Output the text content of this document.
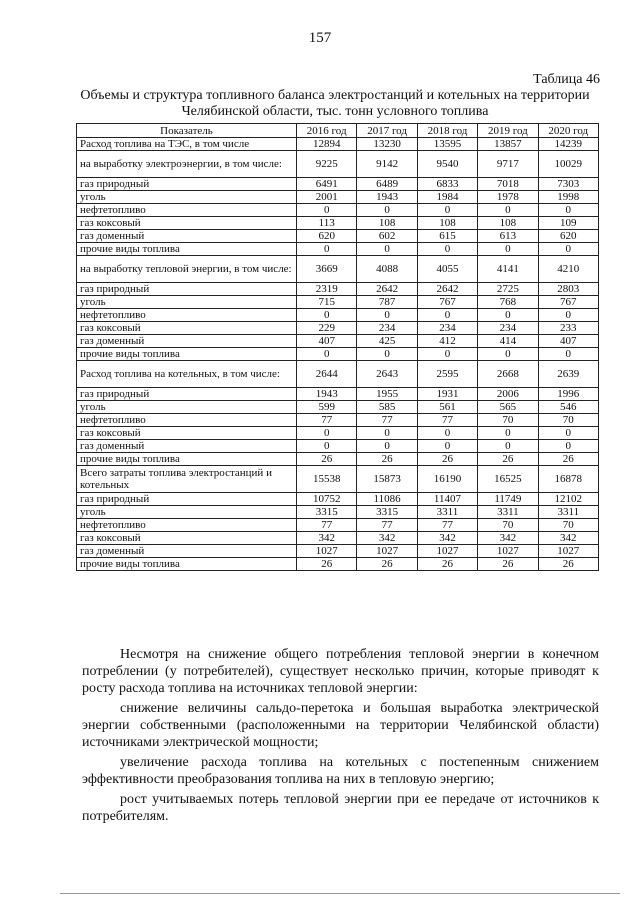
157
Таблица 46
Объемы и структура топливного баланса электростанций и котельных на территории Челябинской области, тыс. тонн условного топлива
Показатель	2016 год	2017 год	2018 год	2019 год	2020 год
Расход топлива на ТЭС, в том числе	12894	13230	13595	13857	14239
на выработку электроэнергии, в том числе:	9225	9142	9540	9717	10029
газ природный	6491	6489	6833	7018	7303
уголь	2001	1943	1984	1978	1998
нефтетопливо	0	0	0	0	0
газ коксовый	113	108	108	108	109
газ доменный	620	602	615	613	620
прочие виды топлива	0	0	0	0	0
на выработку тепловой энергии, в том числе:	3669	4088	4055	4141	4210
газ природный	2319	2642	2642	2725	2803
уголь	715	787	767	768	767
нефтетопливо	0	0	0	0	0
газ коксовый	229	234	234	234	233
газ доменный	407	425	412	414	407
прочие виды топлива	0	0	0	0	0
Расход топлива на котельных, в том числе:	2644	2643	2595	2668	2639
газ природный	1943	1955	1931	2006	1996
уголь	599	585	561	565	546
нефтетопливо	77	77	77	70	70
газ коксовый	0	0	0	0	0
газ доменный	0	0	0	0	0
прочие виды топлива	26	26	26	26	26
Всего затраты топлива электростанций и котельных	15538	15873	16190	16525	16878
газ природный	10752	11086	11407	11749	12102
уголь	3315	3315	3311	3311	3311
нефтетопливо	77	77	77	70	70
газ коксовый	342	342	342	342	342
газ доменный	1027	1027	1027	1027	1027
прочие виды топлива	26	26	26	26	26

Несмотря на снижение общего потребления тепловой энергии в конечном потреблении (у потребителей), существует несколько причин, которые приводят к росту расхода топлива на источниках тепловой энергии:

снижение величины сальдо-перетока и большая выработка электрической энергии собственными (расположенными на территории Челябинской области) источниками электрической мощности;

увеличение расхода топлива на котельных с постепенным снижением эффективности преобразования топлива на них в тепловую энергию;

рост учитываемых потерь тепловой энергии при ее передаче от источников к потребителям.
